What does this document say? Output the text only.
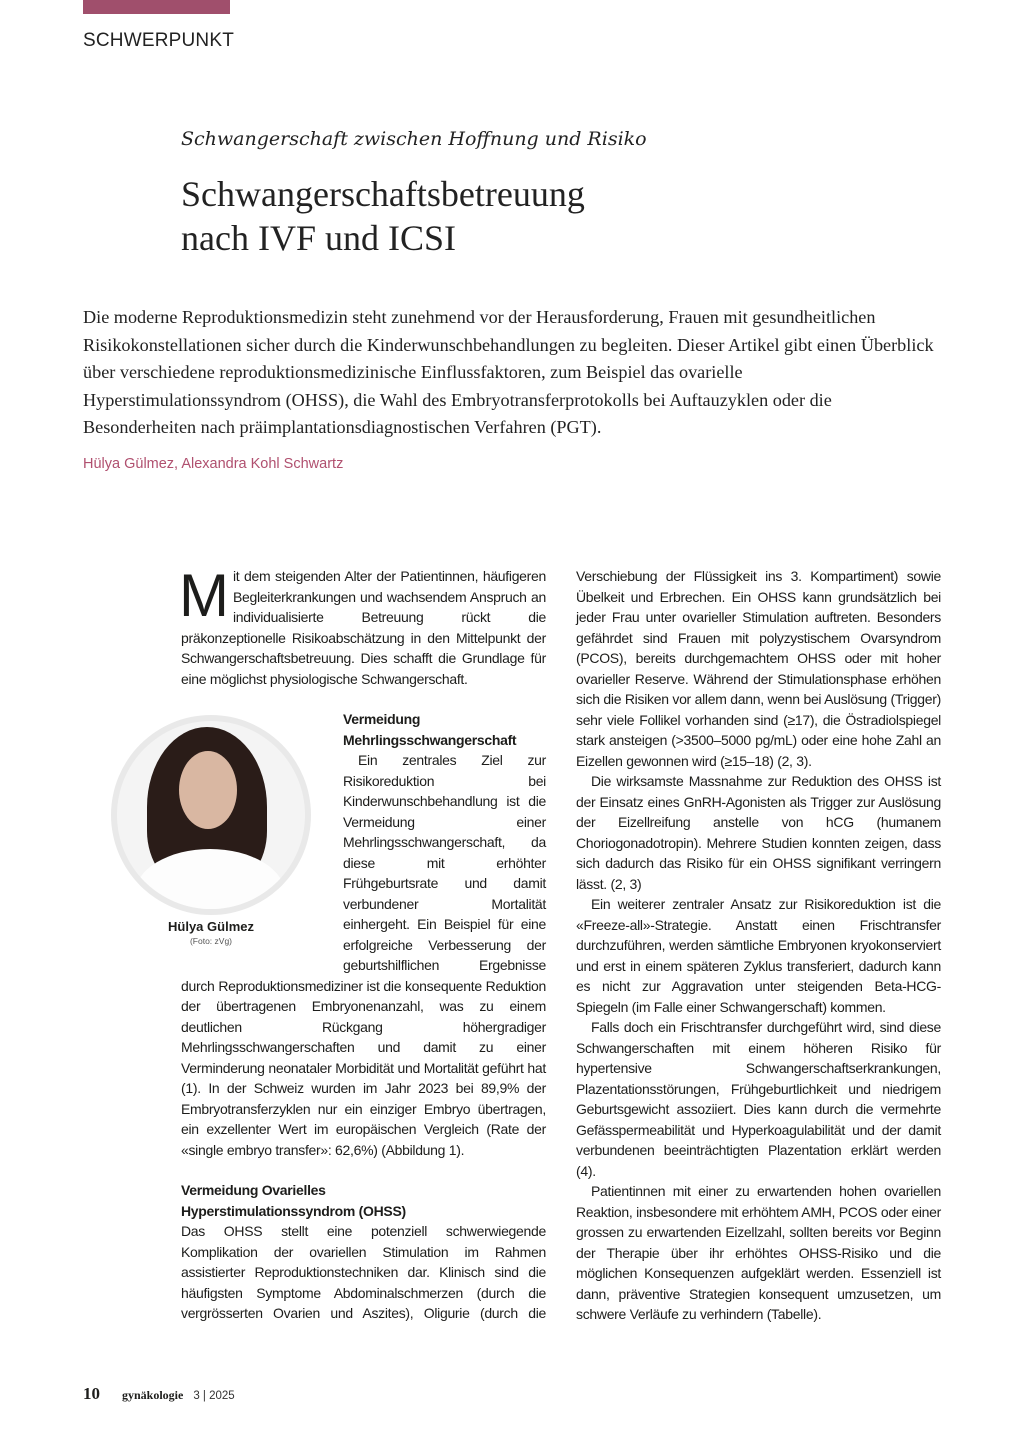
SCHWERPUNKT
Schwangerschaft zwischen Hoffnung und Risiko
Schwangerschaftsbetreuung
nach IVF und ICSI

Die moderne Reproduktionsmedizin steht zunehmend vor der Herausforderung, Frauen mit gesundheitlichen Risikokonstellationen sicher durch die Kinderwunschbehandlungen zu begleiten. Dieser Artikel gibt einen Überblick über verschiedene reproduktionsmedizinische Einflussfaktoren, zum Beispiel das ovarielle Hyperstimulationssyndrom (OHSS), die Wahl des Embryotransferprotokolls bei Auftauzyklen oder die Besonderheiten nach präimplantationsdiagnostischen Verfahren (PGT).

Hülya Gülmez, Alexandra Kohl Schwartz

Mit dem steigenden Alter der Patientinnen, häufigeren Begleiterkrankungen und wachsendem Anspruch an individualisierte Betreuung rückt die präkonzeptionelle Risikoabschätzung in den Mittelpunkt der Schwangerschaftsbetreuung. Dies schafft die Grundlage für eine möglichst physiologische Schwangerschaft.

Hülya Gülmez
(Foto: zVg)

Vermeidung Mehrlingsschwangerschaft

Ein zentrales Ziel zur Risikoreduktion bei Kinderwunschbehandlung ist die Vermeidung einer Mehrlingsschwangerschaft, da diese mit erhöhter Frühgeburtsrate und damit verbundener Mortalität einhergeht. Ein Beispiel für eine erfolgreiche Verbesserung der geburtshilflichen Ergebnisse durch Reproduktionsmediziner ist die konsequente Reduktion der übertragenen Embryonenanzahl, was zu einem deutlichen Rückgang höhergradiger Mehrlingsschwangerschaften und damit zu einer Verminderung neonataler Morbidität und Mortalität geführt hat (1). In der Schweiz wurden im Jahr 2023 bei 89,9% der Embryotransferzyklen nur ein einziger Embryo übertragen, ein exzellenter Wert im europäischen Vergleich (Rate der «single embryo transfer»: 62,6%) (Abbildung 1).

Vermeidung Ovarielles
Hyperstimulationssyndrom (OHSS)

Das OHSS stellt eine potenziell schwerwiegende Komplikation der ovariellen Stimulation im Rahmen assistierter Reproduktionstechniken dar. Klinisch sind die häufigsten Symptome Abdominalschmerzen (durch die vergrösserten Ovarien und Aszites), Oligurie (durch die Verschiebung der Flüssigkeit ins 3. Kompartiment) sowie Übelkeit und Erbrechen. Ein OHSS kann grundsätzlich bei jeder Frau unter ovarieller Stimulation auftreten. Besonders gefährdet sind Frauen mit polyzystischem Ovarsyndrom (PCOS), bereits durchgemachtem OHSS oder mit hoher ovarieller Reserve. Während der Stimulationsphase erhöhen sich die Risiken vor allem dann, wenn bei Auslösung (Trigger) sehr viele Follikel vorhanden sind (≥17), die Östradiolspiegel stark ansteigen (>3500–5000 pg/mL) oder eine hohe Zahl an Eizellen gewonnen wird (≥15–18) (2, 3).

Die wirksamste Massnahme zur Reduktion des OHSS ist der Einsatz eines GnRH-Agonisten als Trigger zur Auslösung der Eizellreifung anstelle von hCG (humanem Choriogonadotropin). Mehrere Studien konnten zeigen, dass sich dadurch das Risiko für ein OHSS signifikant verringern lässt. (2, 3)

Ein weiterer zentraler Ansatz zur Risikoreduktion ist die «Freeze-all»-Strategie. Anstatt einen Frischtransfer durchzuführen, werden sämtliche Embryonen kryokonserviert und erst in einem späteren Zyklus transferiert, dadurch kann es nicht zur Aggravation unter steigenden Beta-HCG-Spiegeln (im Falle einer Schwangerschaft) kommen.

Falls doch ein Frischtransfer durchgeführt wird, sind diese Schwangerschaften mit einem höheren Risiko für hypertensive Schwangerschaftserkrankungen, Plazentationsstörungen, Frühgeburtlichkeit und niedrigem Geburtsgewicht assoziiert. Dies kann durch die vermehrte Gefässpermeabilität und Hyperkoagulabilität und der damit verbundenen beeinträchtigten Plazentation erklärt werden (4).

Patientinnen mit einer zu erwartenden hohen ovariellen Reaktion, insbesondere mit erhöhtem AMH, PCOS oder einer grossen zu erwartenden Eizellzahl, sollten bereits vor Beginn der Therapie über ihr erhöhtes OHSS-Risiko und die möglichen Konsequenzen aufgeklärt werden. Essenziell ist dann, präventive Strategien konsequent umzusetzen, um schwere Verläufe zu verhindern (Tabelle).

10 gynäkologie 3 | 2025
